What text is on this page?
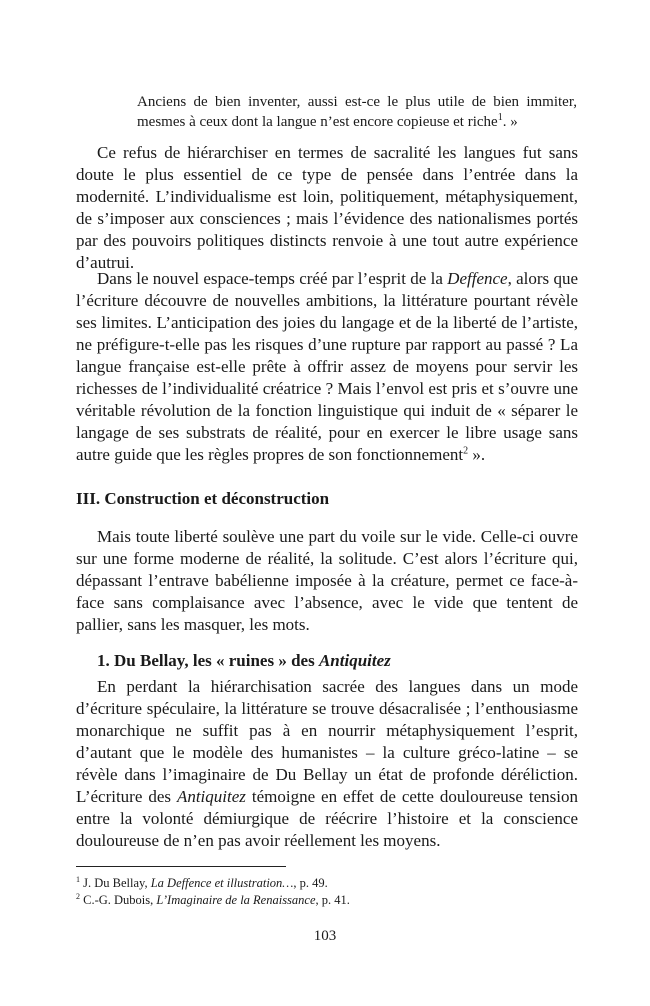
Anciens de bien inventer, aussi est-ce le plus utile de bien immiter, mesmes à ceux dont la langue n’est encore copieuse et riche$^1$. »

Ce refus de hiérarchiser en termes de sacralité les langues fut sans doute le plus essentiel de ce type de pensée dans l’entrée dans la modernité. L’individualisme est loin, politiquement, métaphysiquement, de s’imposer aux consciences ; mais l’évidence des nationalismes portés par des pouvoirs politiques distincts renvoie à une tout autre expérience d’autrui.

Dans le nouvel espace-temps créé par l’esprit de la Deffence, alors que l’écriture découvre de nouvelles ambitions, la littérature pourtant révèle ses limites. L’anticipation des joies du langage et de la liberté de l’artiste, ne préfigure-t-elle pas les risques d’une rupture par rapport au passé ? La langue française est-elle prête à offrir assez de moyens pour servir les richesses de l’individualité créatrice ? Mais l’envol est pris et s’ouvre une véritable révolution de la fonction linguistique qui induit de « séparer le langage de ses substrats de réalité, pour en exercer le libre usage sans autre guide que les règles propres de son fonctionnement$^2$ ».

III. Construction et déconstruction

Mais toute liberté soulève une part du voile sur le vide. Celle-ci ouvre sur une forme moderne de réalité, la solitude. C’est alors l’écriture qui, dépassant l’entrave babélienne imposée à la créature, permet ce face-à-face sans complaisance avec l’absence, avec le vide que tentent de pallier, sans les masquer, les mots.

1. Du Bellay, les « ruines » des Antiquitez

En perdant la hiérarchisation sacrée des langues dans un mode d’écriture spéculaire, la littérature se trouve désacralisée ; l’enthousiasme monarchique ne suffit pas à en nourrir métaphysiquement l’esprit, d’autant que le modèle des humanistes – la culture gréco-latine – se révèle dans l’imaginaire de Du Bellay un état de profonde déréliction. L’écriture des Antiquitez témoigne en effet de cette douloureuse tension entre la volonté démiurgique de réécrire l’histoire et la conscience douloureuse de n’en pas avoir réellement les moyens.

$^1$ J. Du Bellay, La Deffence et illustration…, p. 49.
$^2$ C.-G. Dubois, L’Imaginaire de la Renaissance, p. 41.
103
